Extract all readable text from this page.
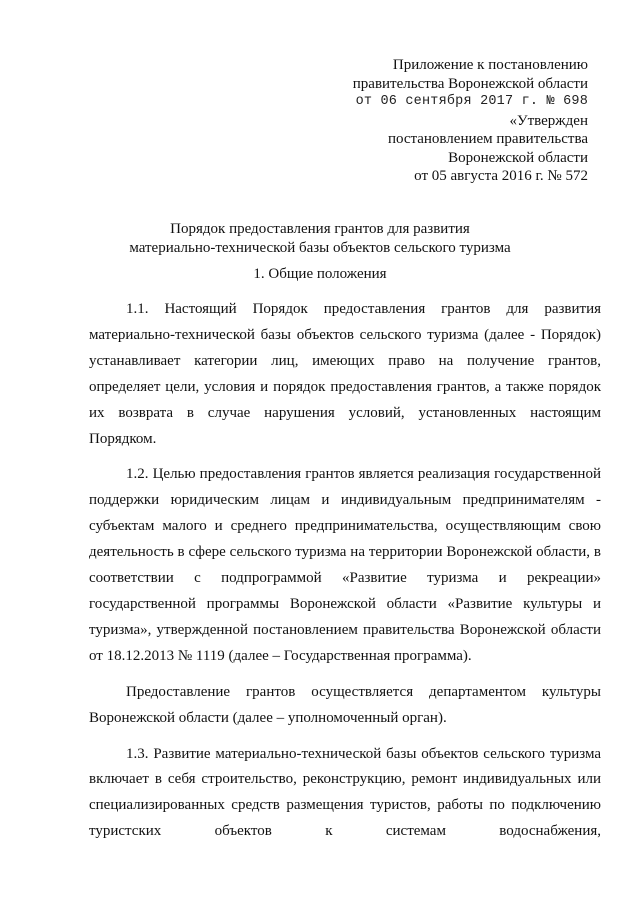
Приложение к постановлению
правительства Воронежской области
от 06 сентября 2017 г. № 698
«Утвержден
постановлением правительства
Воронежской области
от 05 августа 2016 г. № 572
Порядок предоставления грантов для развития
материально-технической базы объектов сельского туризма
1. Общие положения

1.1. Настоящий Порядок предоставления грантов для развития материально-технической базы объектов сельского туризма (далее - Порядок) устанавливает категории лиц, имеющих право на получение грантов, определяет цели, условия и порядок предоставления грантов, а также порядок их возврата в случае нарушения условий, установленных настоящим Порядком.

1.2. Целью предоставления грантов является реализация государственной поддержки юридическим лицам и индивидуальным предпринимателям - субъектам малого и среднего предпринимательства, осуществляющим свою деятельность в сфере сельского туризма на территории Воронежской области, в соответствии с подпрограммой «Развитие туризма и рекреации» государственной программы Воронежской области «Развитие культуры и туризма», утвержденной постановлением правительства Воронежской области от 18.12.2013 № 1119 (далее – Государственная программа).

Предоставление грантов осуществляется департаментом культуры Воронежской области (далее – уполномоченный орган).

1.3. Развитие материально-технической базы объектов сельского туризма включает в себя строительство, реконструкцию, ремонт индивидуальных или специализированных средств размещения туристов, работы по подключению туристских объектов к системам водоснабжения,
